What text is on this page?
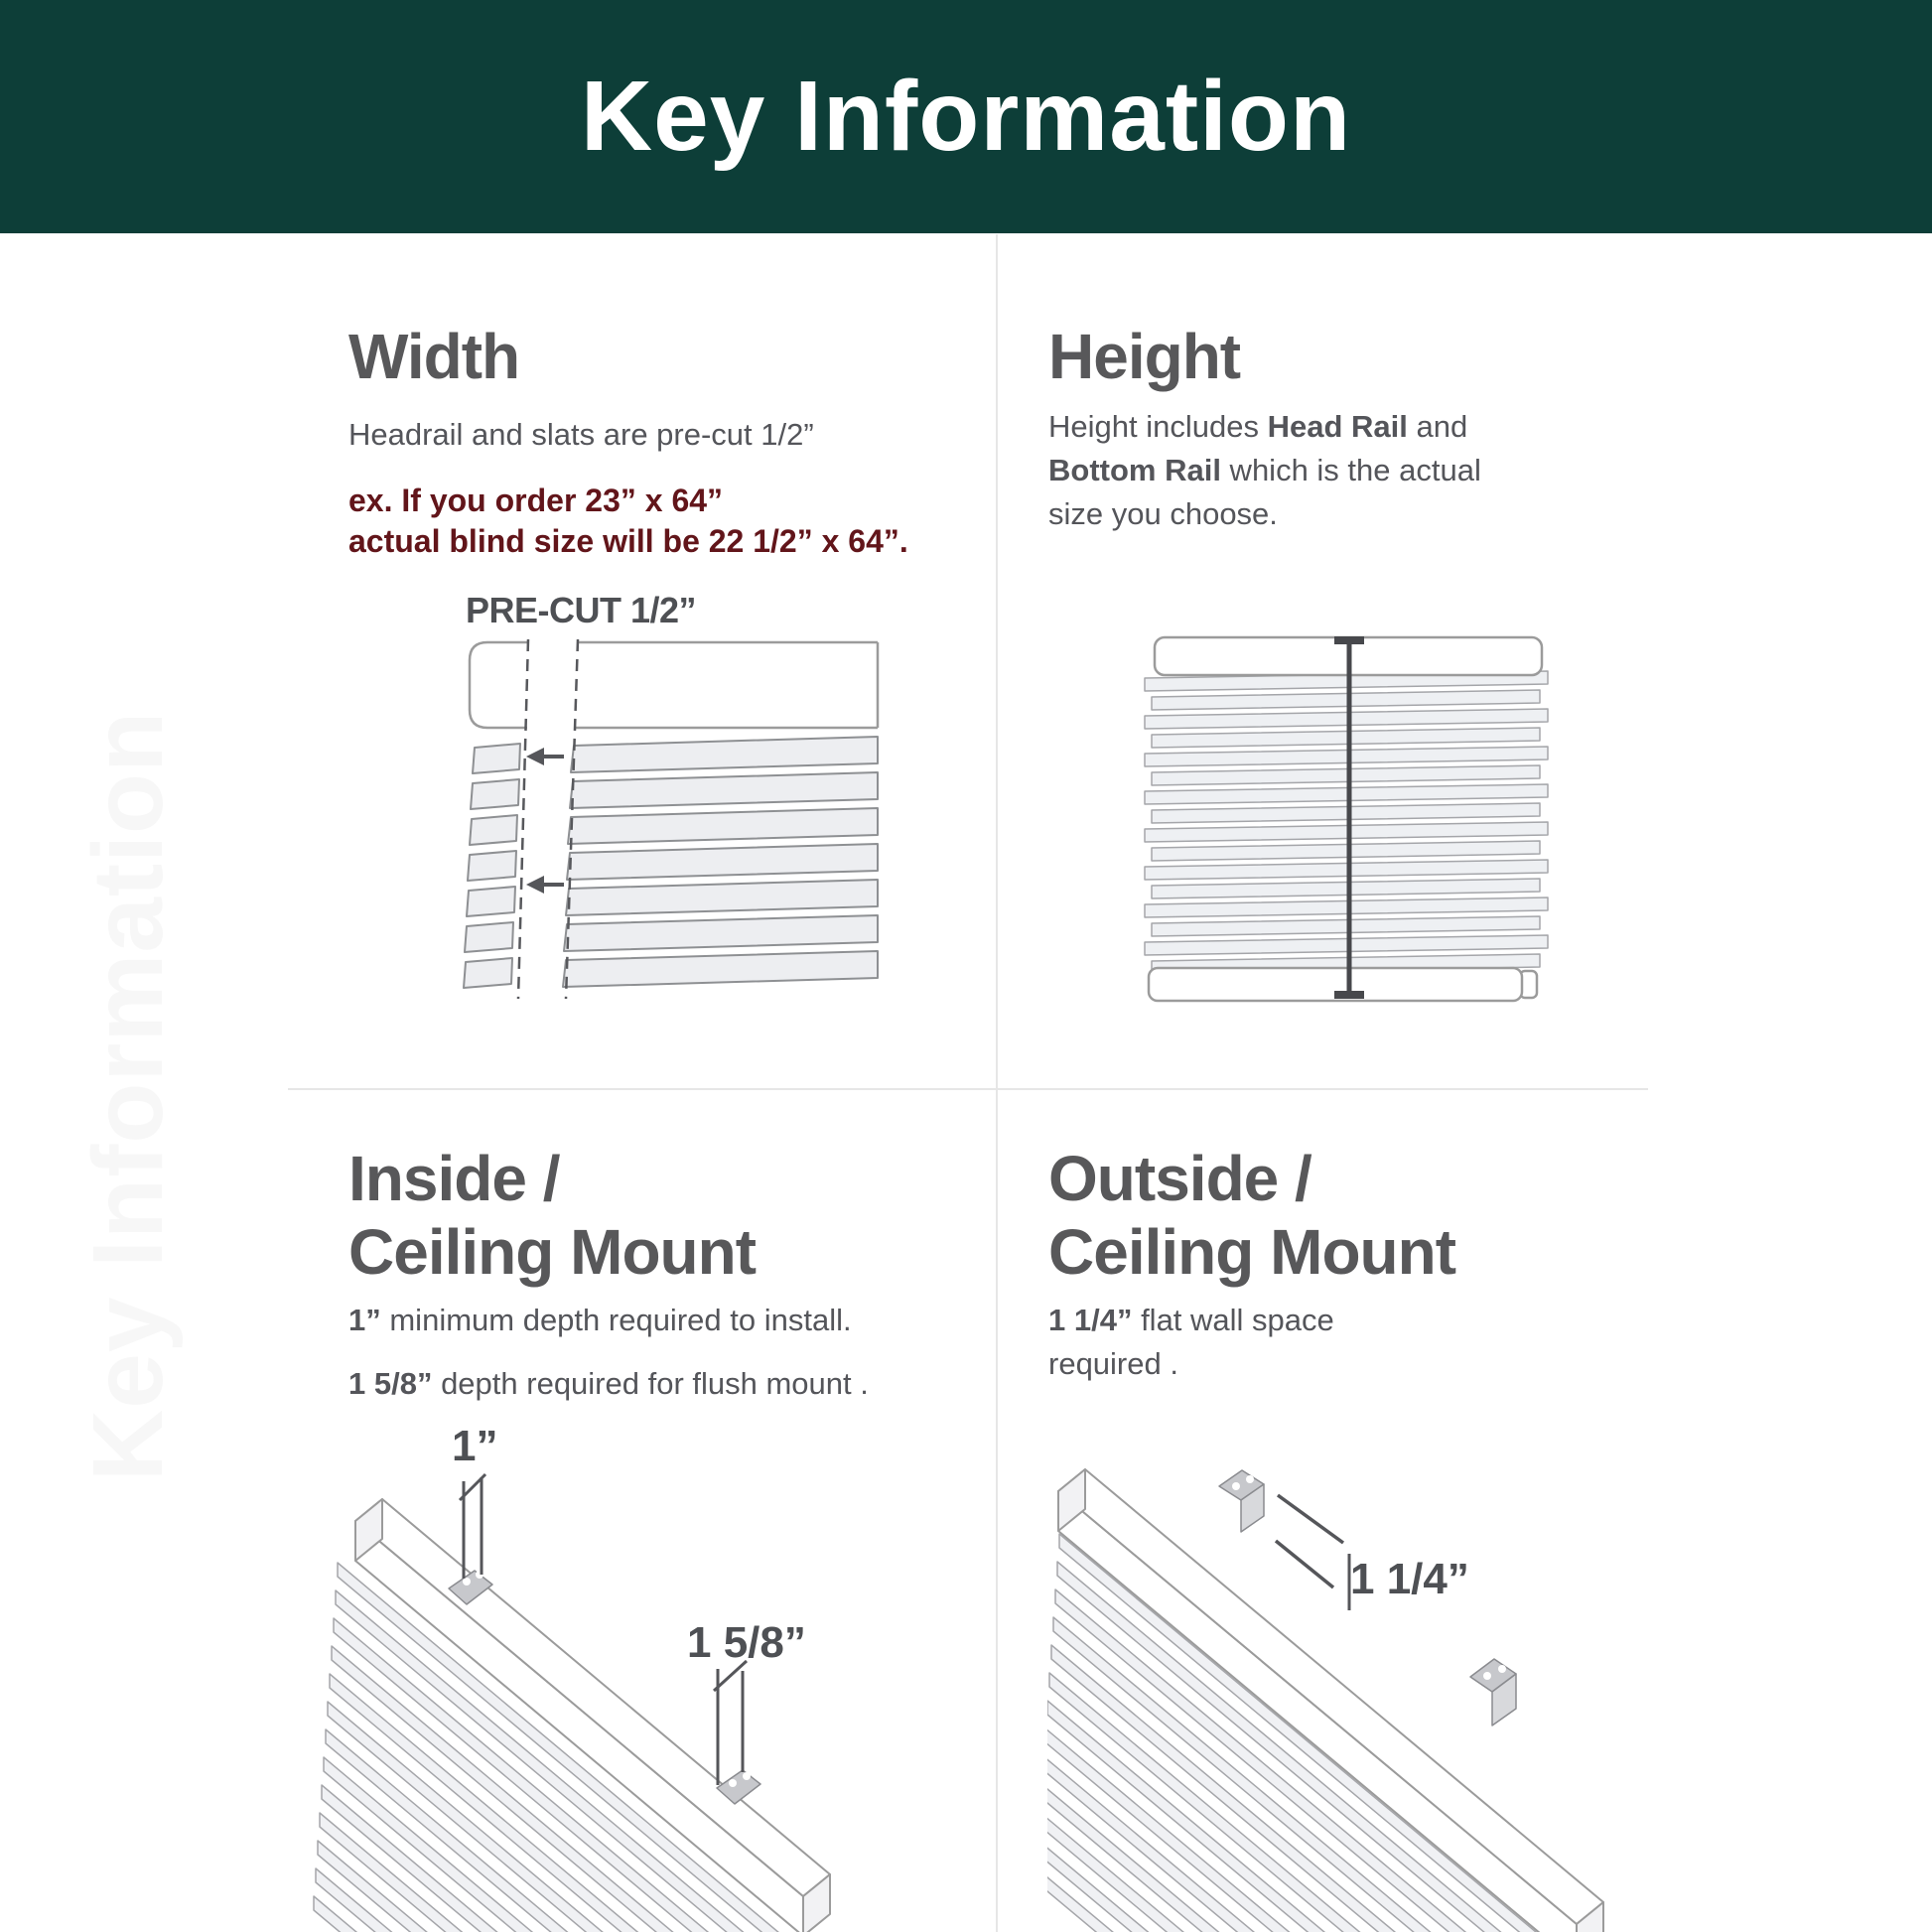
Key Information
Key Information
Width
Headrail and slats are pre-cut 1/2”
ex. If you order 23” x 64”
actual blind size will be 22 1/2” x 64”.
PRE-CUT 1/2”
Height
Height includes Head Rail and
Bottom Rail which is the actual
size you choose.
Inside /
Ceiling Mount
1” minimum depth required to install.
1 5/8” depth required for flush mount .
1”
1 5/8”
Outside /
Ceiling Mount
1 1/4” flat wall space
required .
1 1/4”
